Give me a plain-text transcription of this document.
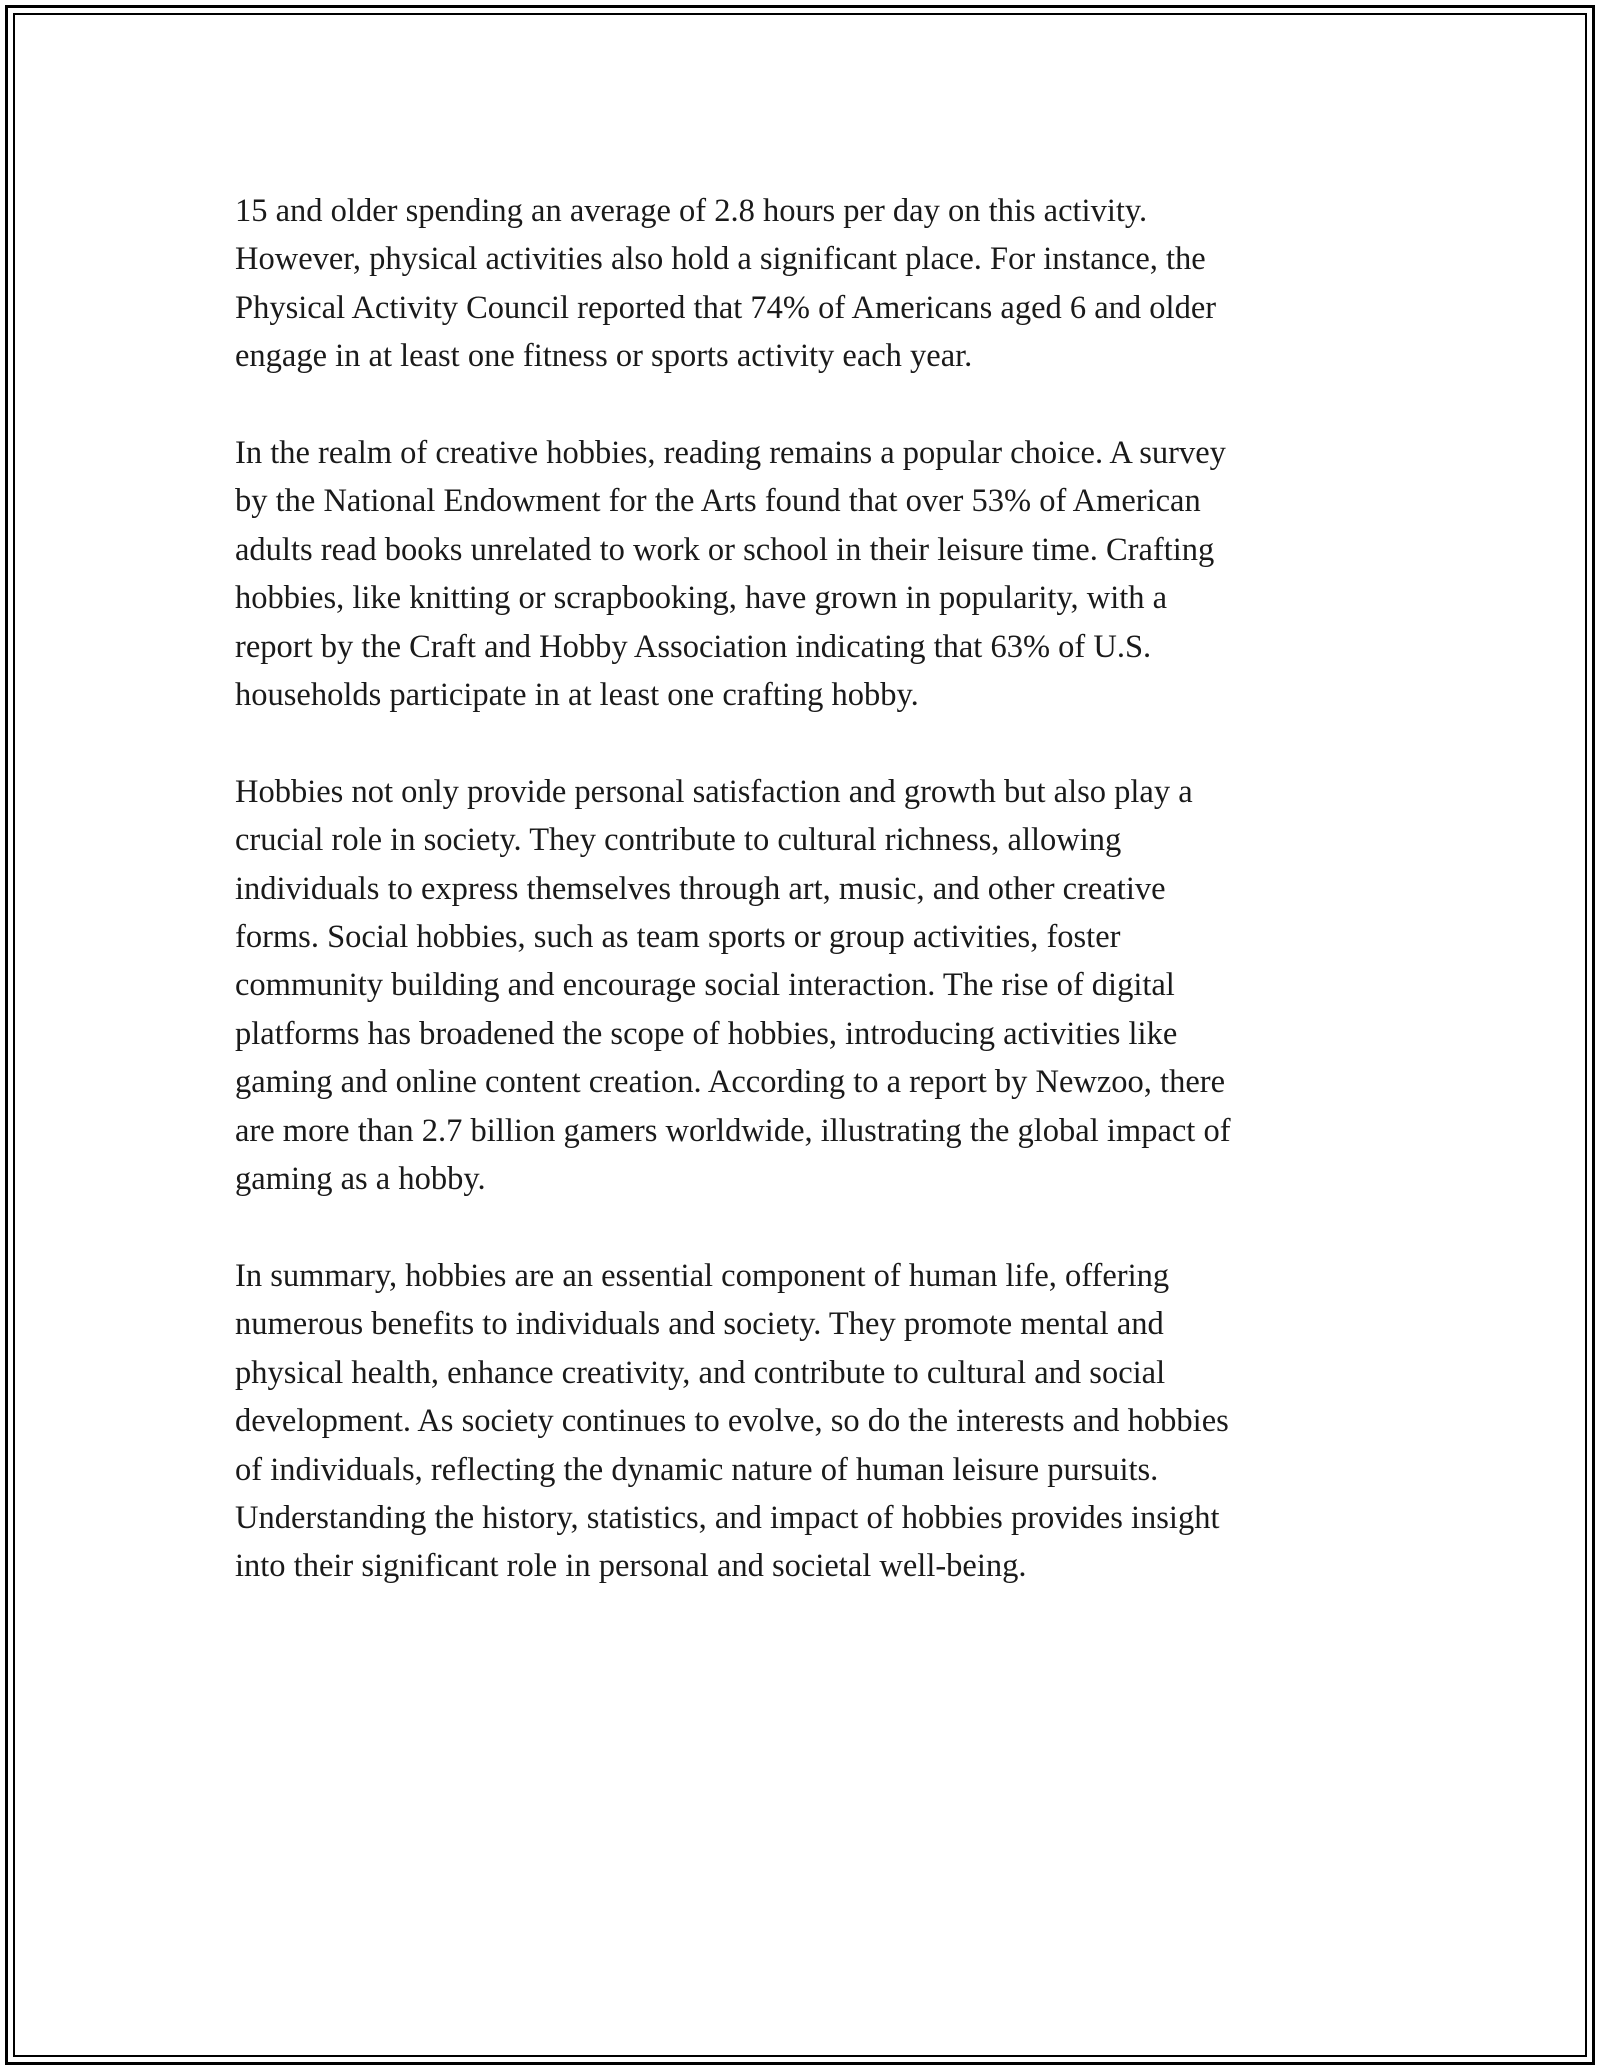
15 and older spending an average of 2.8 hours per day on this activity.
However, physical activities also hold a significant place. For instance, the
Physical Activity Council reported that 74% of Americans aged 6 and older
engage in at least one fitness or sports activity each year.

In the realm of creative hobbies, reading remains a popular choice. A survey
by the National Endowment for the Arts found that over 53% of American
adults read books unrelated to work or school in their leisure time. Crafting
hobbies, like knitting or scrapbooking, have grown in popularity, with a
report by the Craft and Hobby Association indicating that 63% of U.S.
households participate in at least one crafting hobby.

Hobbies not only provide personal satisfaction and growth but also play a
crucial role in society. They contribute to cultural richness, allowing
individuals to express themselves through art, music, and other creative
forms. Social hobbies, such as team sports or group activities, foster
community building and encourage social interaction. The rise of digital
platforms has broadened the scope of hobbies, introducing activities like
gaming and online content creation. According to a report by Newzoo, there
are more than 2.7 billion gamers worldwide, illustrating the global impact of
gaming as a hobby.

In summary, hobbies are an essential component of human life, offering
numerous benefits to individuals and society. They promote mental and
physical health, enhance creativity, and contribute to cultural and social
development. As society continues to evolve, so do the interests and hobbies
of individuals, reflecting the dynamic nature of human leisure pursuits.
Understanding the history, statistics, and impact of hobbies provides insight
into their significant role in personal and societal well-being.
